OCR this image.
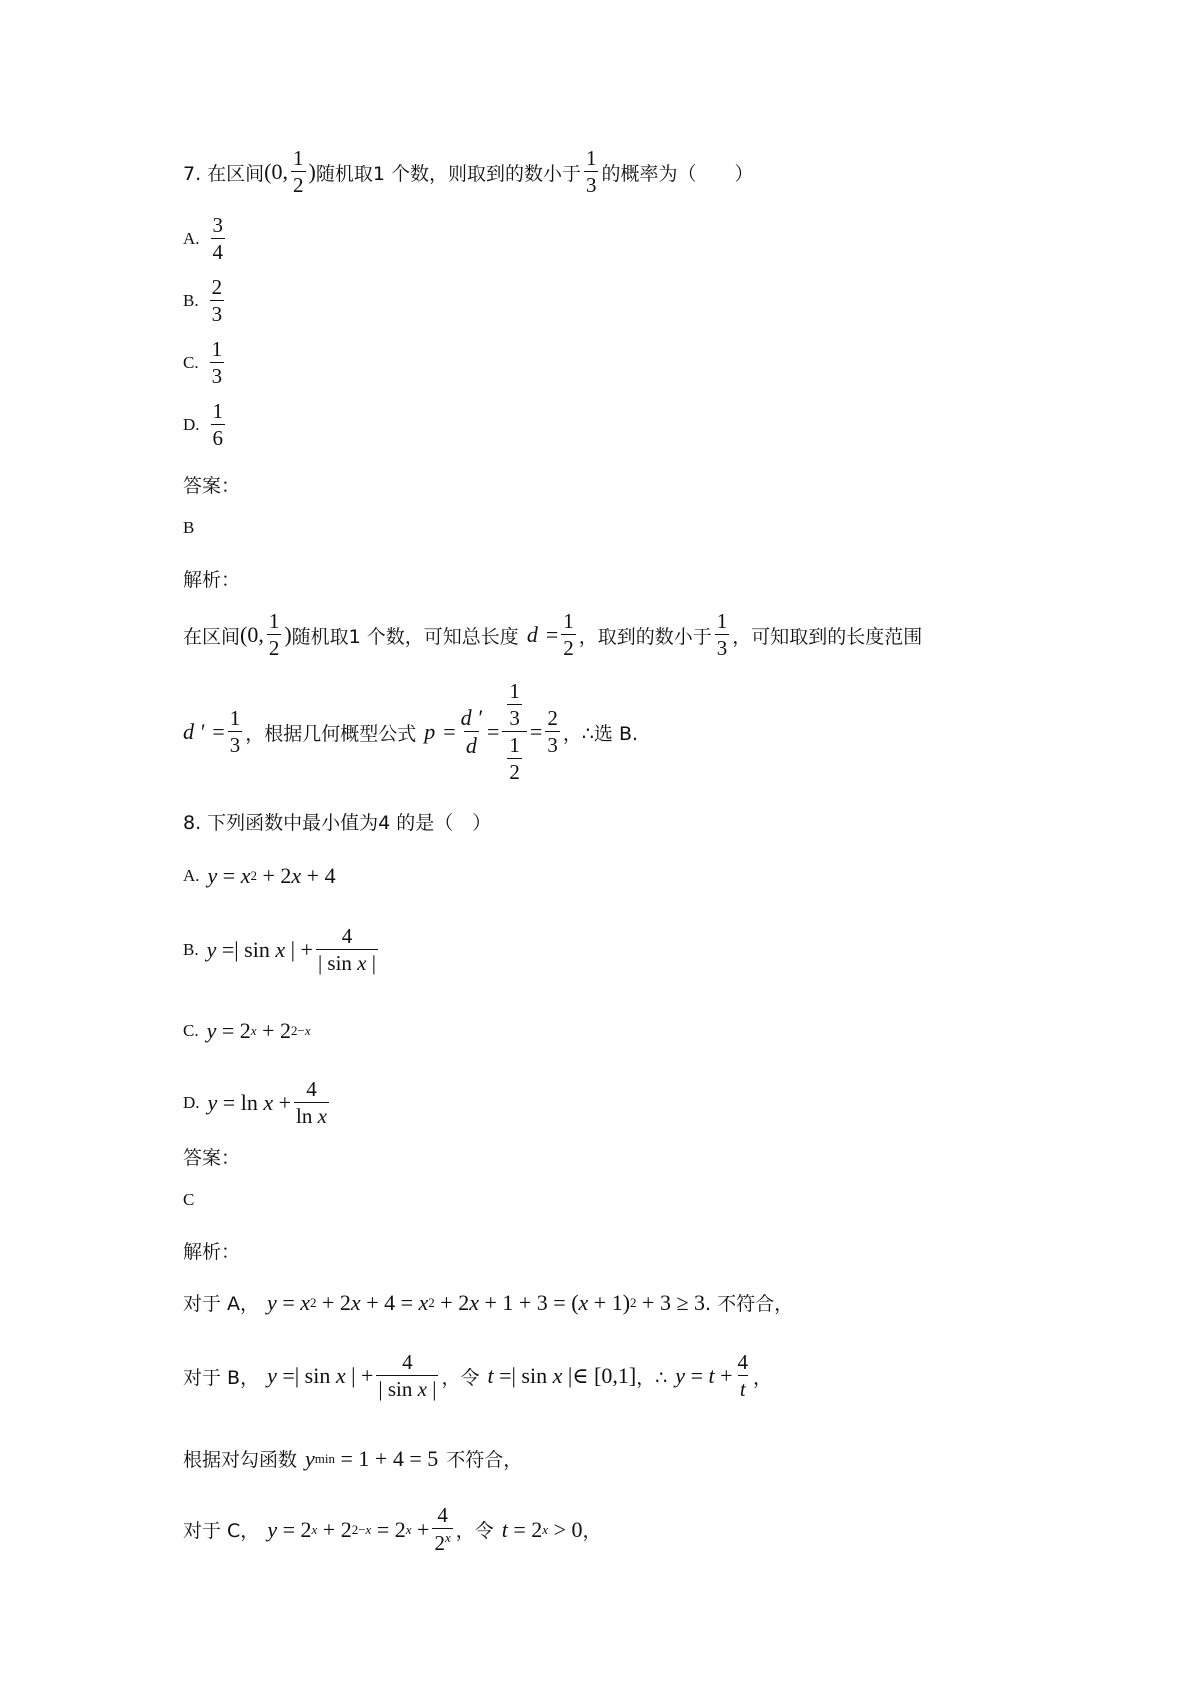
7. 在区间 (0, $\frac{1}{2}$ ) 随机取1 个数，则取到的数小于 $\frac{1}{3}$ 的概率为（　　）
A. $\frac{3}{4}$
B. $\frac{2}{3}$
C. $\frac{1}{3}$
D. $\frac{1}{6}$
答案：
B
解析：
在区间 (0, $\frac{1}{2}$ ) 随机取1 个数，可知总长度 $d = \frac{1}{2}$ ，取到的数小于 $\frac{1}{3}$ ，可知取到的长度范围
d ′ = $\frac{1}{3}$ ，根据几何概型公式 $p = \frac{d '}{d} = \frac{\frac{1}{3}}{\frac{1}{2}} = \frac{2}{3}$ ，∴选 B.
8. 下列函数中最小值为4 的是（　）
A. y = x 2 + 2 x + 4
B. y =| sin x | + $\frac{4}{\text{| sin x |}}$
C. y = 2 x + 2 2−x
D. $y = \ln x + \frac{4}{\text{ln x}}$
答案：
C
解析：
对于 A， y = x 2 + 2 x + 4 = x 2 + 2 x + 1 + 3 = ( x + 1) 2 + 3 ≥ 3 . 不符合，
对于 B， y =| sin x | + $\frac{4}{\text{| sin x |}}$ ，令 t =| sin x |∈ [0,1] ，∴ $y = t + \frac{4}{t}$ ，
根据对勾函数 y min
= 1 + 4 = 5 不符合，
对于 C， y = 2 x + 2 2−x = 2 $x + \frac{4}{2^x}$ ，令 t = 2 x > 0 ，
